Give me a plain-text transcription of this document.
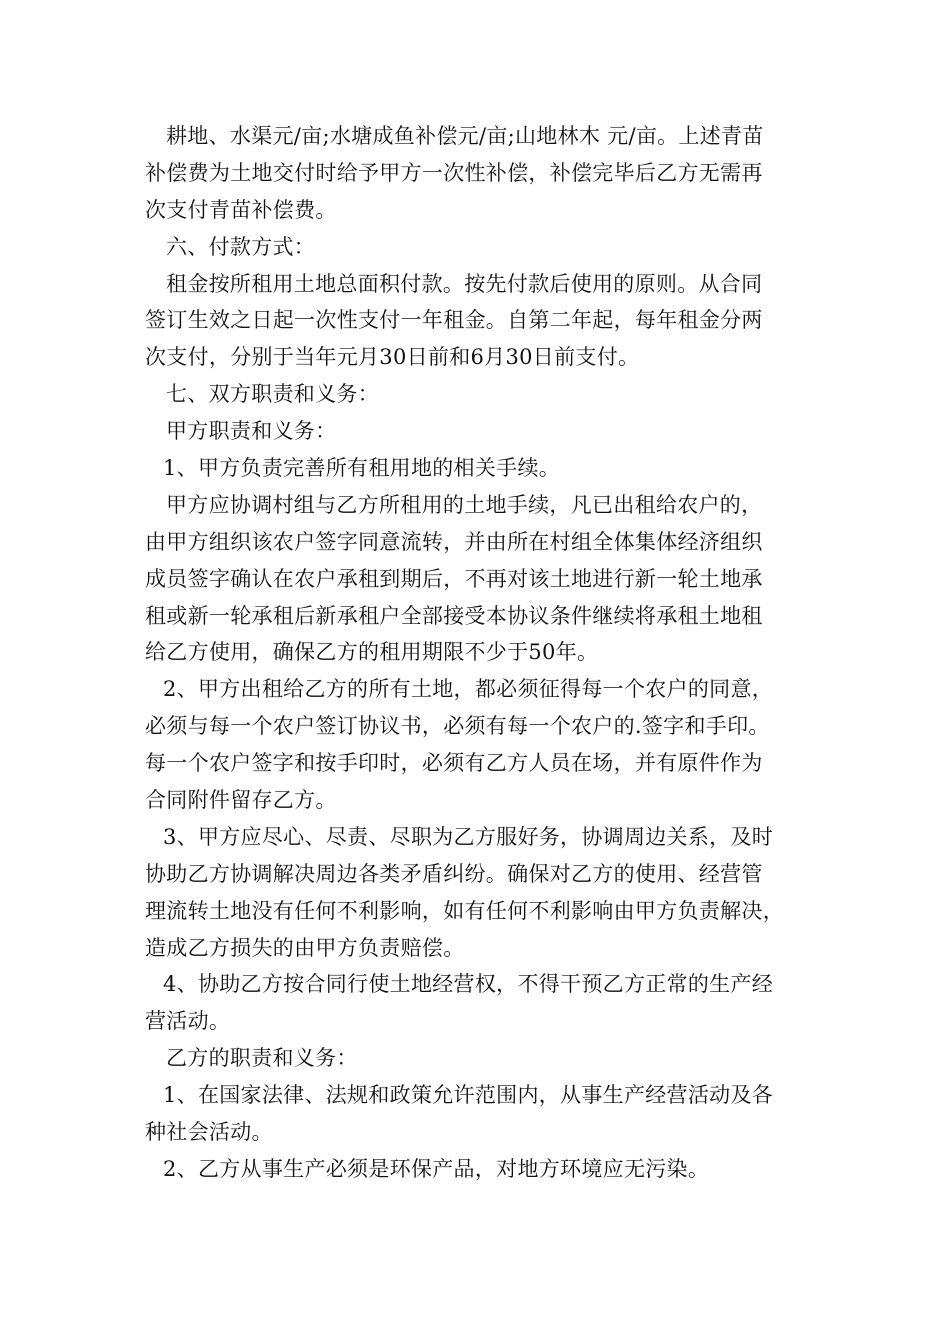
耕地、水渠元/亩;水塘成鱼补偿元/亩;山地林木 元/亩。上述青苗
补偿费为土地交付时给予甲方一次性补偿，补偿完毕后乙方无需再
次支付青苗补偿费。
六、付款方式：
租金按所租用土地总面积付款。按先付款后使用的原则。从合同
签订生效之日起一次性支付一年租金。自第二年起，每年租金分两
次支付，分别于当年元月30日前和6月30日前支付。
七、双方职责和义务：
甲方职责和义务：
1、甲方负责完善所有租用地的相关手续。
甲方应协调村组与乙方所租用的土地手续，凡已出租给农户的，
由甲方组织该农户签字同意流转，并由所在村组全体集体经济组织
成员签字确认在农户承租到期后，不再对该土地进行新一轮土地承
租或新一轮承租后新承租户全部接受本协议条件继续将承租土地租
给乙方使用，确保乙方的租用期限不少于50年。
2、甲方出租给乙方的所有土地，都必须征得每一个农户的同意，
必须与每一个农户签订协议书，必须有每一个农户的.签字和手印。
每一个农户签字和按手印时，必须有乙方人员在场，并有原件作为
合同附件留存乙方。
3、甲方应尽心、尽责、尽职为乙方服好务，协调周边关系，及时
协助乙方协调解决周边各类矛盾纠纷。确保对乙方的使用、经营管
理流转土地没有任何不利影响，如有任何不利影响由甲方负责解决，
造成乙方损失的由甲方负责赔偿。
4、协助乙方按合同行使土地经营权，不得干预乙方正常的生产经
营活动。
乙方的职责和义务：
1、在国家法律、法规和政策允许范围内，从事生产经营活动及各
种社会活动。
2、乙方从事生产必须是环保产品，对地方环境应无污染。
